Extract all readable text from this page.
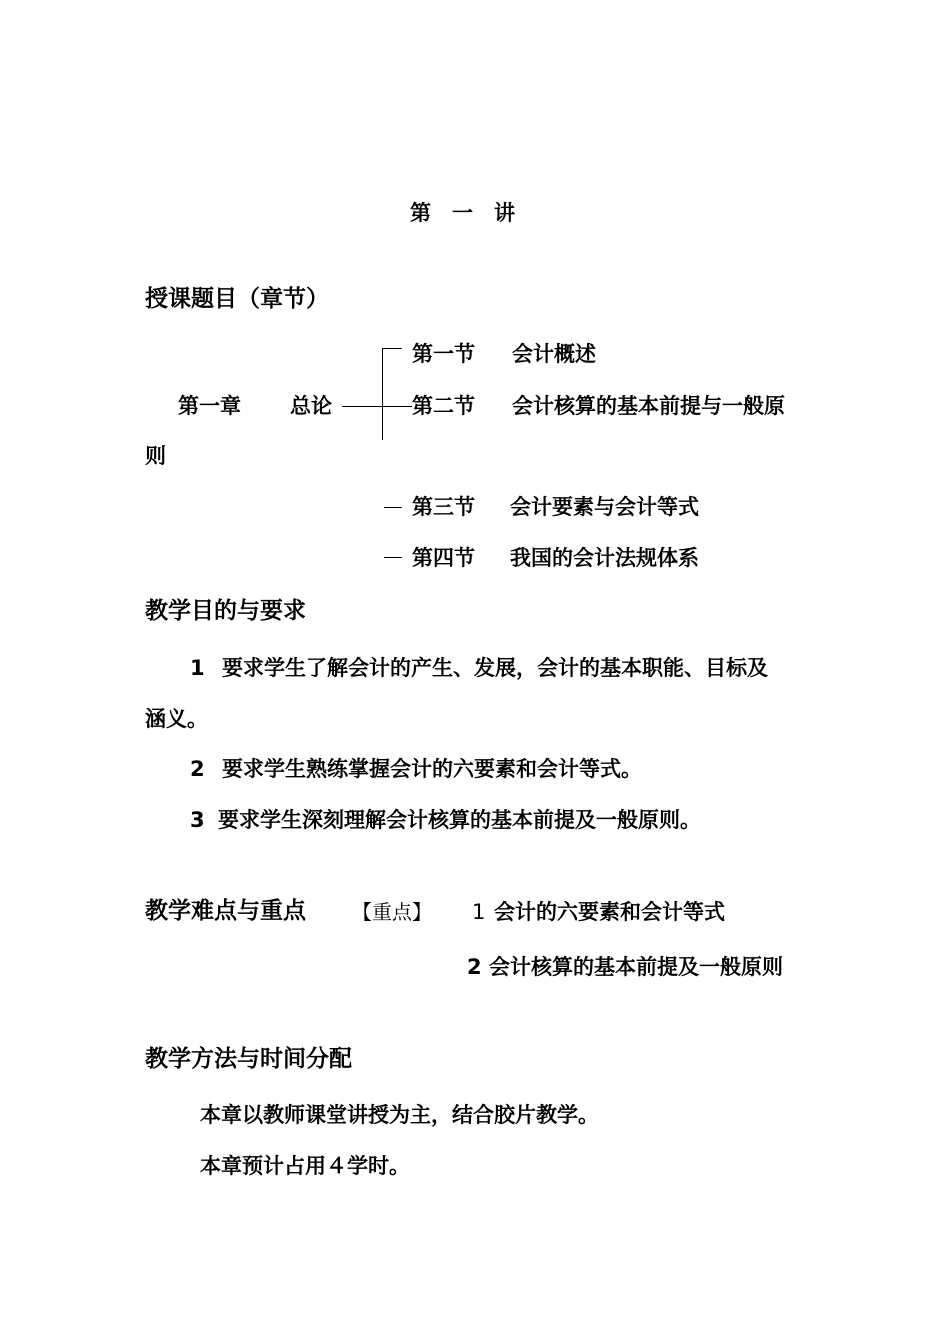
第　一　讲
授课题目（章节）
第一章 总论
第一节 会计概述
第二节 会计核算的基本前提与一般原
则
第三节 会计要素与会计等式
第四节 我国的会计法规体系
教学目的与要求
1 要求学生了解会计的产生、发展，会计的基本职能、目标及
涵义。
2 要求学生熟练掌握会计的六要素和会计等式。
3 要求学生深刻理解会计核算的基本前提及一般原则。
教学难点与重点 【重点】 1 会计的六要素和会计等式
2 会计核算的基本前提及一般原则
教学方法与时间分配
本章以教师课堂讲授为主，结合胶片教学。
本章预计占用４学时。
